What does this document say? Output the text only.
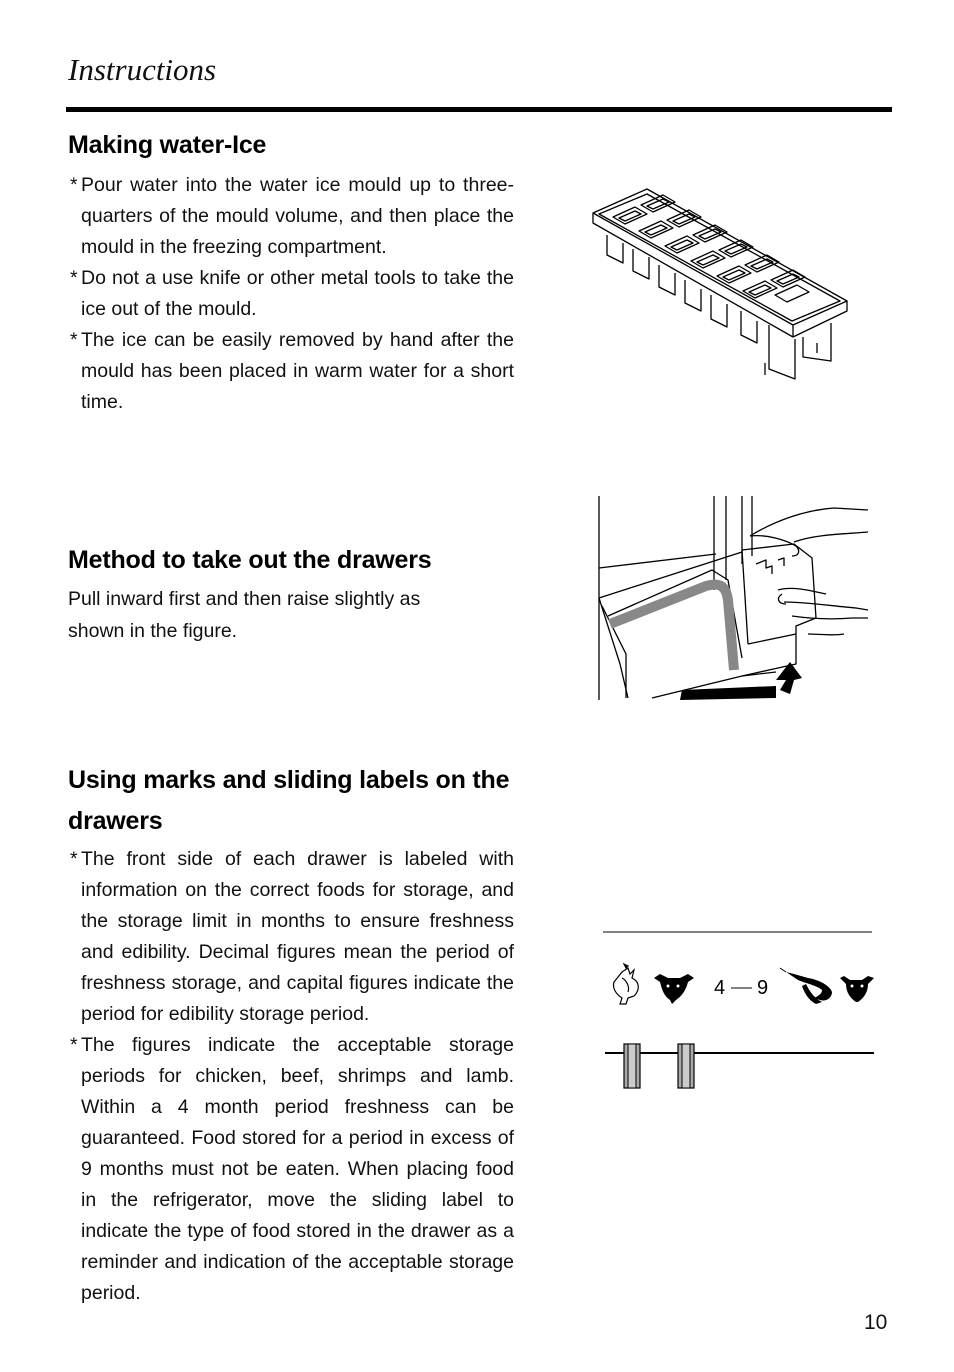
Instructions
Making water-Ice
* Pour water into the water ice mould up to three-quarters of the mould volume, and then place the mould in the freezing compartment.
* Do not a use knife or other metal tools to take the ice out of the mould.
* The ice can be easily removed by hand after the mould has been placed in warm water for a short time.
Method to take out the drawers

Pull inward first and then raise slightly as shown in the figure.

Using marks and sliding labels on the drawers
* The front side of each drawer is labeled with information on the correct foods for storage, and the storage limit in months to ensure freshness and edibility. Decimal figures mean the period of freshness storage, and capital figures indicate the period for edibility storage period.
* The figures indicate the acceptable storage periods for chicken, beef, shrimps and lamb. Within a 4 month period freshness can be guaranteed. Food stored for a period in excess of 9 months must not be eaten. When placing food in the refrigerator, move the sliding label to indicate the type of food stored in the drawer as a reminder and indication of the acceptable storage period.
4 9
10
